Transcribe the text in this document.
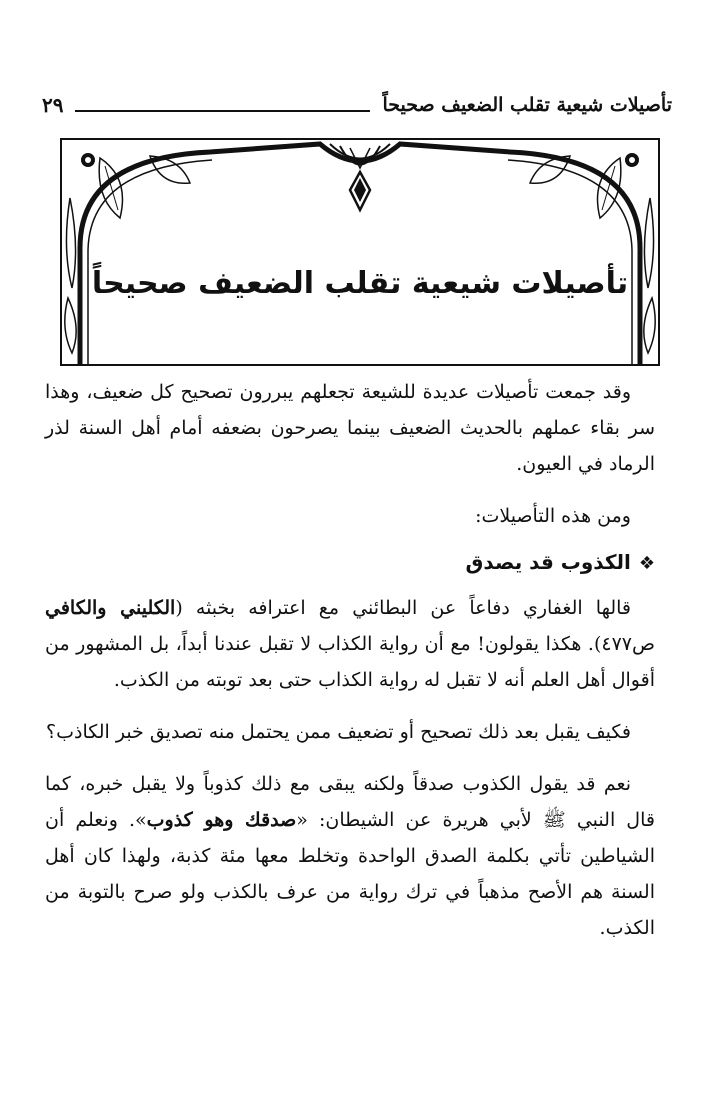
تأصيلات شيعية تقلب الضعيف صحيحاً
٢٩
تأصيلات شيعية تقلب الضعيف صحيحاً

وقد جمعت تأصيلات عديدة للشيعة تجعلهم يبررون تصحيح كل ضعيف، وهذا سر بقاء عملهم بالحديث الضعيف بينما يصرحون بضعفه أمام أهل السنة لذر الرماد في العيون.

ومن هذه التأصيلات:

❖الكذوب قد يصدق

قالها الغفاري دفاعاً عن البطائني مع اعترافه بخبثه (الكليني والكافي ص٤٧٧). هكذا يقولون! مع أن رواية الكذاب لا تقبل عندنا أبداً، بل المشهور من أقوال أهل العلم أنه لا تقبل له رواية الكذاب حتى بعد توبته من الكذب.

فكيف يقبل بعد ذلك تصحيح أو تضعيف ممن يحتمل منه تصديق خبر الكاذب؟

نعم قد يقول الكذوب صدقاً ولكنه يبقى مع ذلك كذوباً ولا يقبل خبره، كما قال النبي ﷺ لأبي هريرة عن الشيطان: «صدقك وهو كذوب». ونعلم أن الشياطين تأتي بكلمة الصدق الواحدة وتخلط معها مئة كذبة، ولهذا كان أهل السنة هم الأصح مذهباً في ترك رواية من عرف بالكذب ولو صرح بالتوبة من الكذب.
